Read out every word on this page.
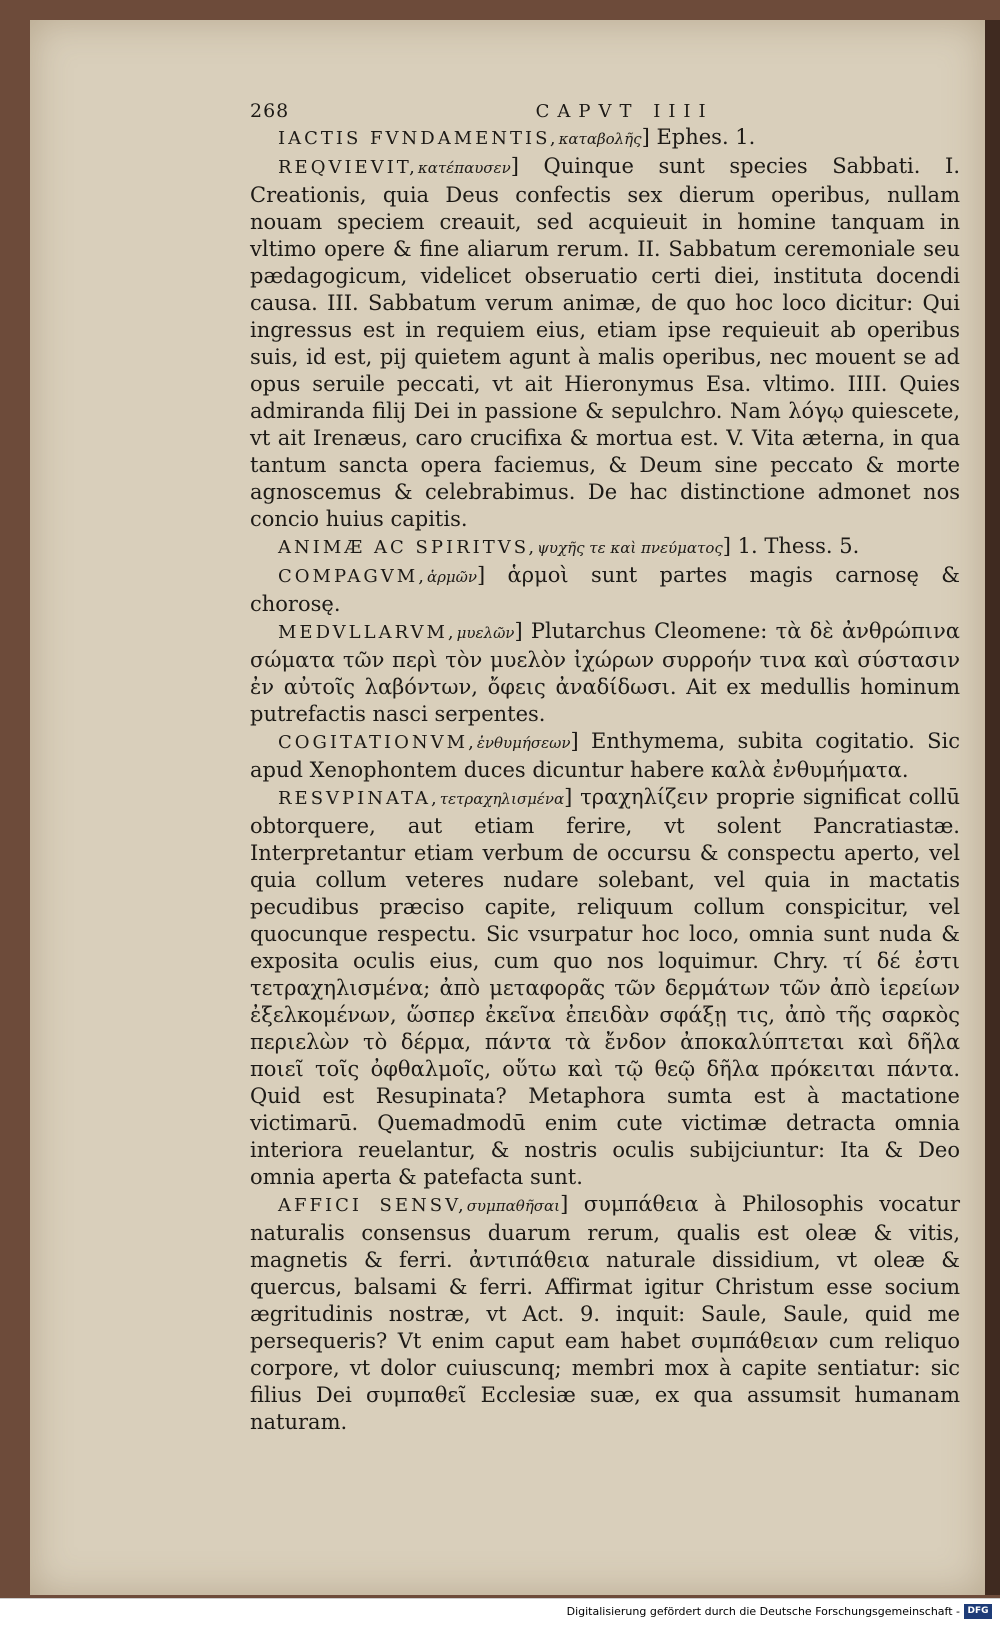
268	CAPVT IIII

IACTIS FVNDAMENTIS,καταβολῆς] Ephes. 1.

REQVIEVIT,κατέπαυσεν] Quinque sunt species Sabbati. I. Creationis, quia Deus confectis sex dierum operibus, nullam nouam speciem creauit, sed acquieuit in homine tanquam in vltimo opere & fine aliarum rerum. II. Sabbatum ceremoniale seu pædagogicum, videlicet obseruatio certi diei, instituta docendi causa. III. Sabbatum verum animæ, de quo hoc loco dicitur: Qui ingressus est in requiem eius, etiam ipse requieuit ab operibus suis, id est, pij quietem agunt à malis operibus, nec mouent se ad opus seruile peccati, vt ait Hieronymus Esa. vltimo. IIII. Quies admiranda filij Dei in passione & sepulchro. Nam λόγῳ quiescete, vt ait Irenæus, caro crucifixa & mortua est. V. Vita æterna, in qua tantum sancta opera faciemus, & Deum sine peccato & morte agnoscemus & celebrabimus. De hac distinctione admonet nos concio huius capitis.

ANIMÆ AC SPIRITVS,ψυχῆς τε καὶ πνεύματος] 1. Thess. 5.

COMPAGVM,ἁρμῶν] ἁρμοὶ sunt partes magis carnosę & chorosę.

MEDVLLARVM,μυελῶν] Plutarchus Cleomene: τὰ δὲ ἀνθρώπινα σώματα τῶν περὶ τὸν μυελὸν ἰχώρων συρροήν τινα καὶ σύστασιν ἐν αὐτοῖς λαβόντων, ὄφεις ἀναδίδωσι. Ait ex medullis hominum putrefactis nasci serpentes.

COGITATIONVM,ἐνθυμήσεων] Enthymema, subita cogitatio. Sic apud Xenophontem duces dicuntur habere καλὰ ἐνθυμήματα.

RESVPINATA,τετραχηλισμένα] τραχηλίζειν proprie significat collū obtorquere, aut etiam ferire, vt solent Pancratiastæ. Interpretantur etiam verbum de occursu & conspectu aperto, vel quia collum veteres nudare solebant, vel quia in mactatis pecudibus præciso capite, reliquum collum conspicitur, vel quocunque respectu. Sic vsurpatur hoc loco, omnia sunt nuda & exposita oculis eius, cum quo nos loquimur. Chry. τί δέ ἐστι τετραχηλισμένα; ἀπὸ μεταφορᾶς τῶν δερμάτων τῶν ἀπὸ ἱερείων ἐξελκομένων, ὥσπερ ἐκεῖνα ἐπειδὰν σφάξῃ τις, ἀπὸ τῆς σαρκὸς περιελὼν τὸ δέρμα, πάντα τὰ ἔνδον ἀποκαλύπτεται καὶ δῆλα ποιεῖ τοῖς ὀφθαλμοῖς, οὕτω καὶ τῷ θεῷ δῆλα πρόκειται πάντα. Quid est Resupinata? Metaphora sumta est à mactatione victimarū. Quemadmodū enim cute victimæ detracta omnia interiora reuelantur, & nostris oculis subijciuntur: Ita & Deo omnia aperta & patefacta sunt.

AFFICI SENSV,συμπαθῆσαι] συμπάθεια à Philosophis vocatur naturalis consensus duarum rerum, qualis est oleæ & vitis, magnetis & ferri. ἀντιπάθεια naturale dissidium, vt oleæ & quercus, balsami & ferri. Affirmat igitur Christum esse socium ægritudinis nostræ, vt Act. 9. inquit: Saule, Saule, quid me persequeris? Vt enim caput eam habet συμπάθειαν cum reliquo corpore, vt dolor cuiuscunq; membri mox à capite sentiatur: sic filius Dei συμπαθεῖ Ecclesiæ suæ, ex qua assumsit humanam naturam.

Digitalisierung gefördert durch die Deutsche Forschungsgemeinschaft - DFG
